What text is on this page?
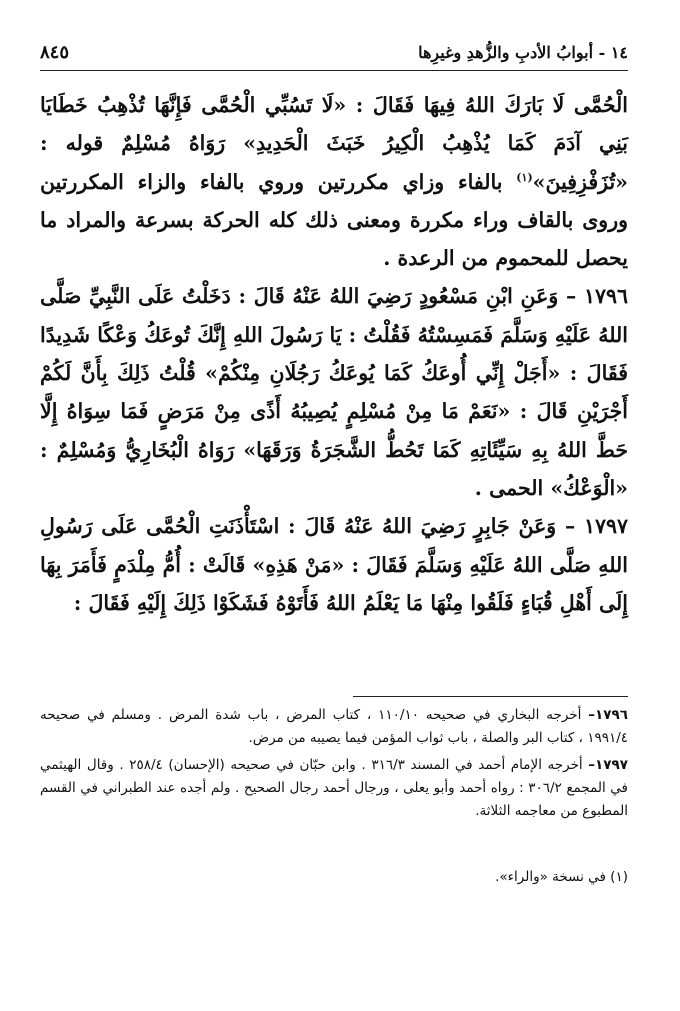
١٤ - أبوابُ الأدبِ والزُّهدِ وغيرِها
٨٤٥

الْحُمَّى لَا بَارَكَ اللهُ فِيهَا فَقَالَ : «لَا تَسُبِّي الْحُمَّى فَإِنَّهَا تُذْهِبُ خَطَايَا بَنِي آدَمَ كَمَا يُذْهِبُ الْكِيرُ خَبَثَ الْحَدِيدِ» رَوَاهُ مُسْلِمٌ قوله : «تُزَفْزِفِينَ»$^{(١)}$ بالفاء وزاي مكررتين وروي بالفاء والزاء المكررتين وروى بالقاف وراء مكررة ومعنى ذلك كله الحركة بسرعة والمراد ما يحصل للمحموم من الرعدة .

١٧٩٦ – وَعَنِ ابْنِ مَسْعُودٍ رَضِيَ اللهُ عَنْهُ قَالَ : دَخَلْتُ عَلَى النَّبِيِّ صَلَّى اللهُ عَلَيْهِ وَسَلَّمَ فَمَسِسْتُهُ فَقُلْتُ : يَا رَسُولَ اللهِ إِنَّكَ تُوعَكُ وَعْكًا شَدِيدًا فَقَالَ : «أَجَلْ إِنِّي أُوعَكُ كَمَا يُوعَكُ رَجُلَانِ مِنْكُمْ» قُلْتُ ذَلِكَ بِأَنَّ لَكُمْ أَجْرَيْنِ قَالَ : «نَعَمْ مَا مِنْ مُسْلِمٍ يُصِيبُهُ أَذًى مِنْ مَرَضٍ فَمَا سِوَاهُ إِلَّا حَطَّ اللهُ بِهِ سَيِّئَاتِهِ كَمَا تَحُطُّ الشَّجَرَةُ وَرَقَهَا» رَوَاهُ الْبُخَارِيُّ وَمُسْلِمٌ : «الْوَعْكُ» الحمى .

١٧٩٧ – وَعَنْ جَابِرٍ رَضِيَ اللهُ عَنْهُ قَالَ : اسْتَأْذَنَتِ الْحُمَّى عَلَى رَسُولِ اللهِ صَلَّى اللهُ عَلَيْهِ وَسَلَّمَ فَقَالَ : «مَنْ هَذِهِ» قَالَتْ : أُمُّ مِلْدَمٍ فَأَمَرَ بِهَا إِلَى أَهْلِ قُبَاءٍ فَلَقُوا مِنْهَا مَا يَعْلَمُ اللهُ فَأَتَوْهُ فَشَكَوْا ذَلِكَ إِلَيْهِ فَقَالَ :

١٧٩٦– أخرجه البخاري في صحيحه ١١٠/١٠ ، كتاب المرض ، باب شدة المرض . ومسلم في صحيحه ١٩٩١/٤ ، كتاب البر والصلة ، باب ثواب المؤمن فيما يصيبه من مرض.

١٧٩٧– أخرجه الإمام أحمد في المسند ٣١٦/٣ . وابن حبّان في صحيحه (الإحسان) ٢٥٨/٤ . وقال الهيثمي في المجمع ٣٠٦/٢ : رواه أحمد وأبو يعلى ، ورجال أحمد رجال الصحيح . ولم أجده عند الطبراني في القسم المطبوع من معاجمه الثلاثة.

(١) في نسخة «والراء».
